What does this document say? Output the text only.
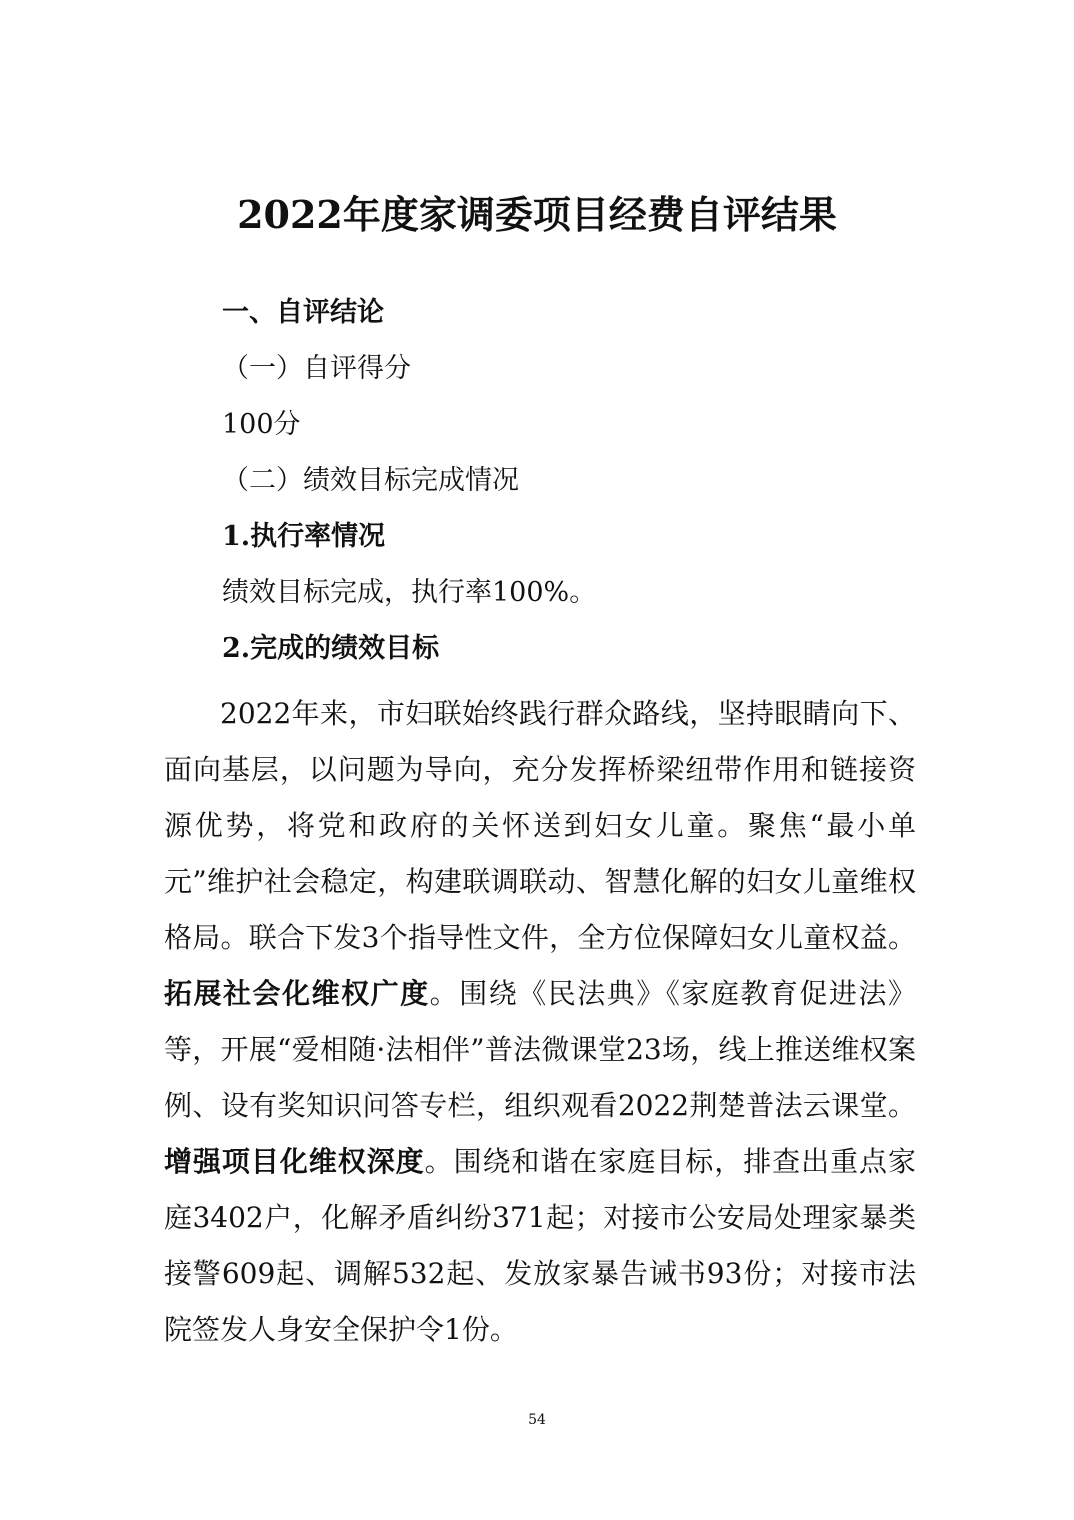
2022年度家调委项目经费自评结果
一、自评结论
（一）自评得分
100分
（二）绩效目标完成情况
1.执行率情况
绩效目标完成，执行率100%。
2.完成的绩效目标
2022年来，市妇联始终践行群众路线，坚持眼睛向下、面向基层，以问题为导向，充分发挥桥梁纽带作用和链接资源优势，将党和政府的关怀送到妇女儿童。聚焦“最小单元”维护社会稳定，构建联调联动、智慧化解的妇女儿童维权格局。联合下发3个指导性文件，全方位保障妇女儿童权益。拓展社会化维权广度。围绕《民法典》《家庭教育促进法》等，开展“爱相随·法相伴”普法微课堂23场，线上推送维权案例、设有奖知识问答专栏，组织观看2022荆楚普法云课堂。增强项目化维权深度。围绕和谐在家庭目标，排查出重点家庭3402户，化解矛盾纠纷371起；对接市公安局处理家暴类接警609起、调解532起、发放家暴告诫书93份；对接市法院签发人身安全保护令1份。
54
